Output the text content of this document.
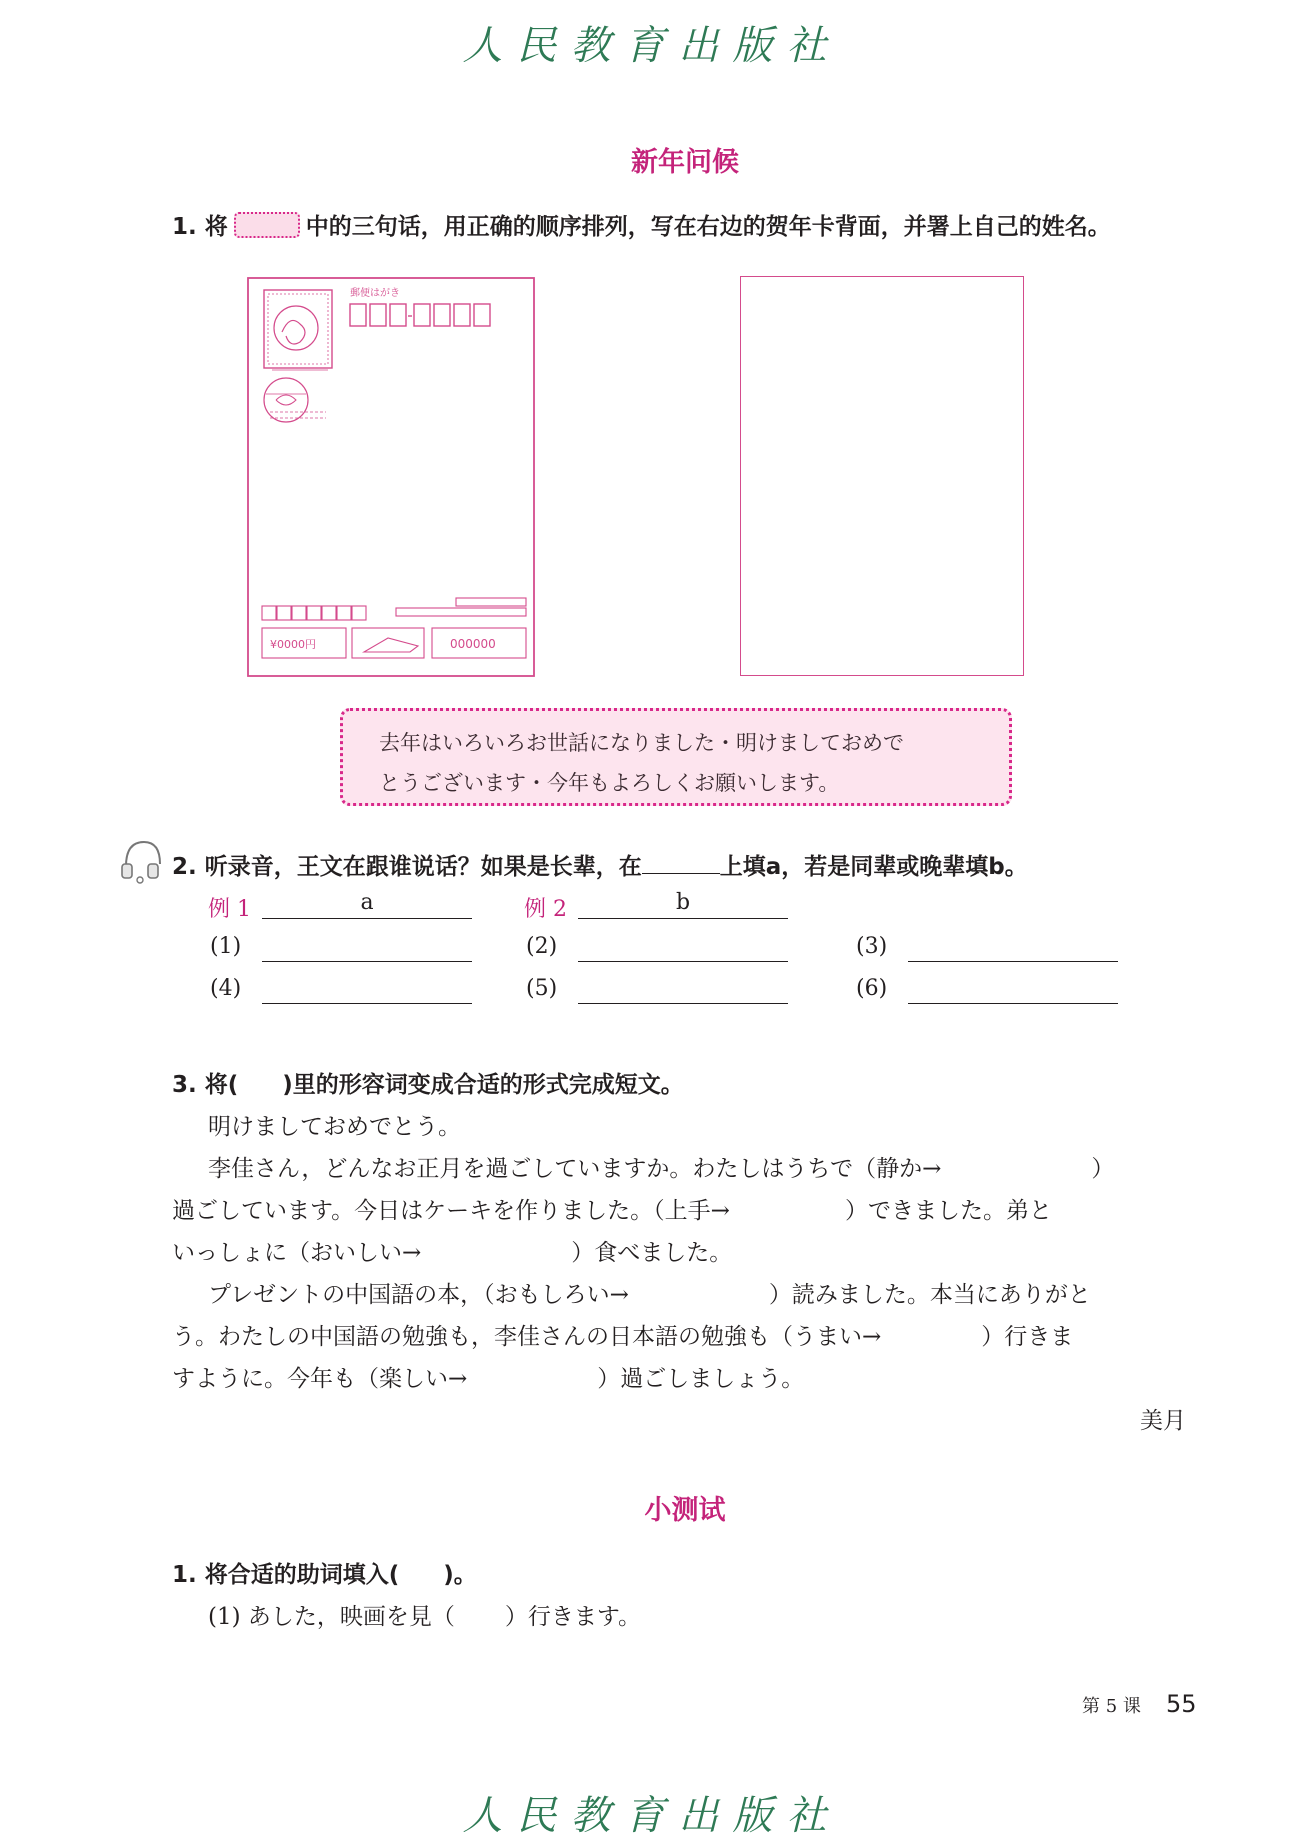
人民教育出版社
新年问候
1. 将	中的三句话，用正确的顺序排列，写在右边的贺年卡背面，并署上自己的姓名。
郵便はがき
¥0000円	000000
去年はいろいろお世話になりました・明けましておめで
とうございます・今年もよろしくお願いします。
2. 听录音，王文在跟谁说话？如果是长辈，在	上填a，若是同辈或晚辈填b。
例 1	a	例 2	b
(1)	(2)	(3)
(4)	(5)	(6)
3. 将( )里的形容词变成合适的形式完成短文。
明けましておめでとう。
李佳さん，どんなお正月を過ごしていますか。わたしはうちで（静か→	）
過ごしています。今日はケーキを作りました。（上手→	）できました。弟と
いっしょに（おいしい→	）食べました。
プレゼントの中国語の本，（おもしろい→	）読みました。本当にありがと
う。わたしの中国語の勉強も，李佳さんの日本語の勉強も（うまい→	）行きま
すように。今年も（楽しい→	）過ごしましょう。
美月
小测试
1. 将合适的助词填入( )。
(1) あした，映画を見（ ）行きます。
第 5 课 55
人民教育出版社
